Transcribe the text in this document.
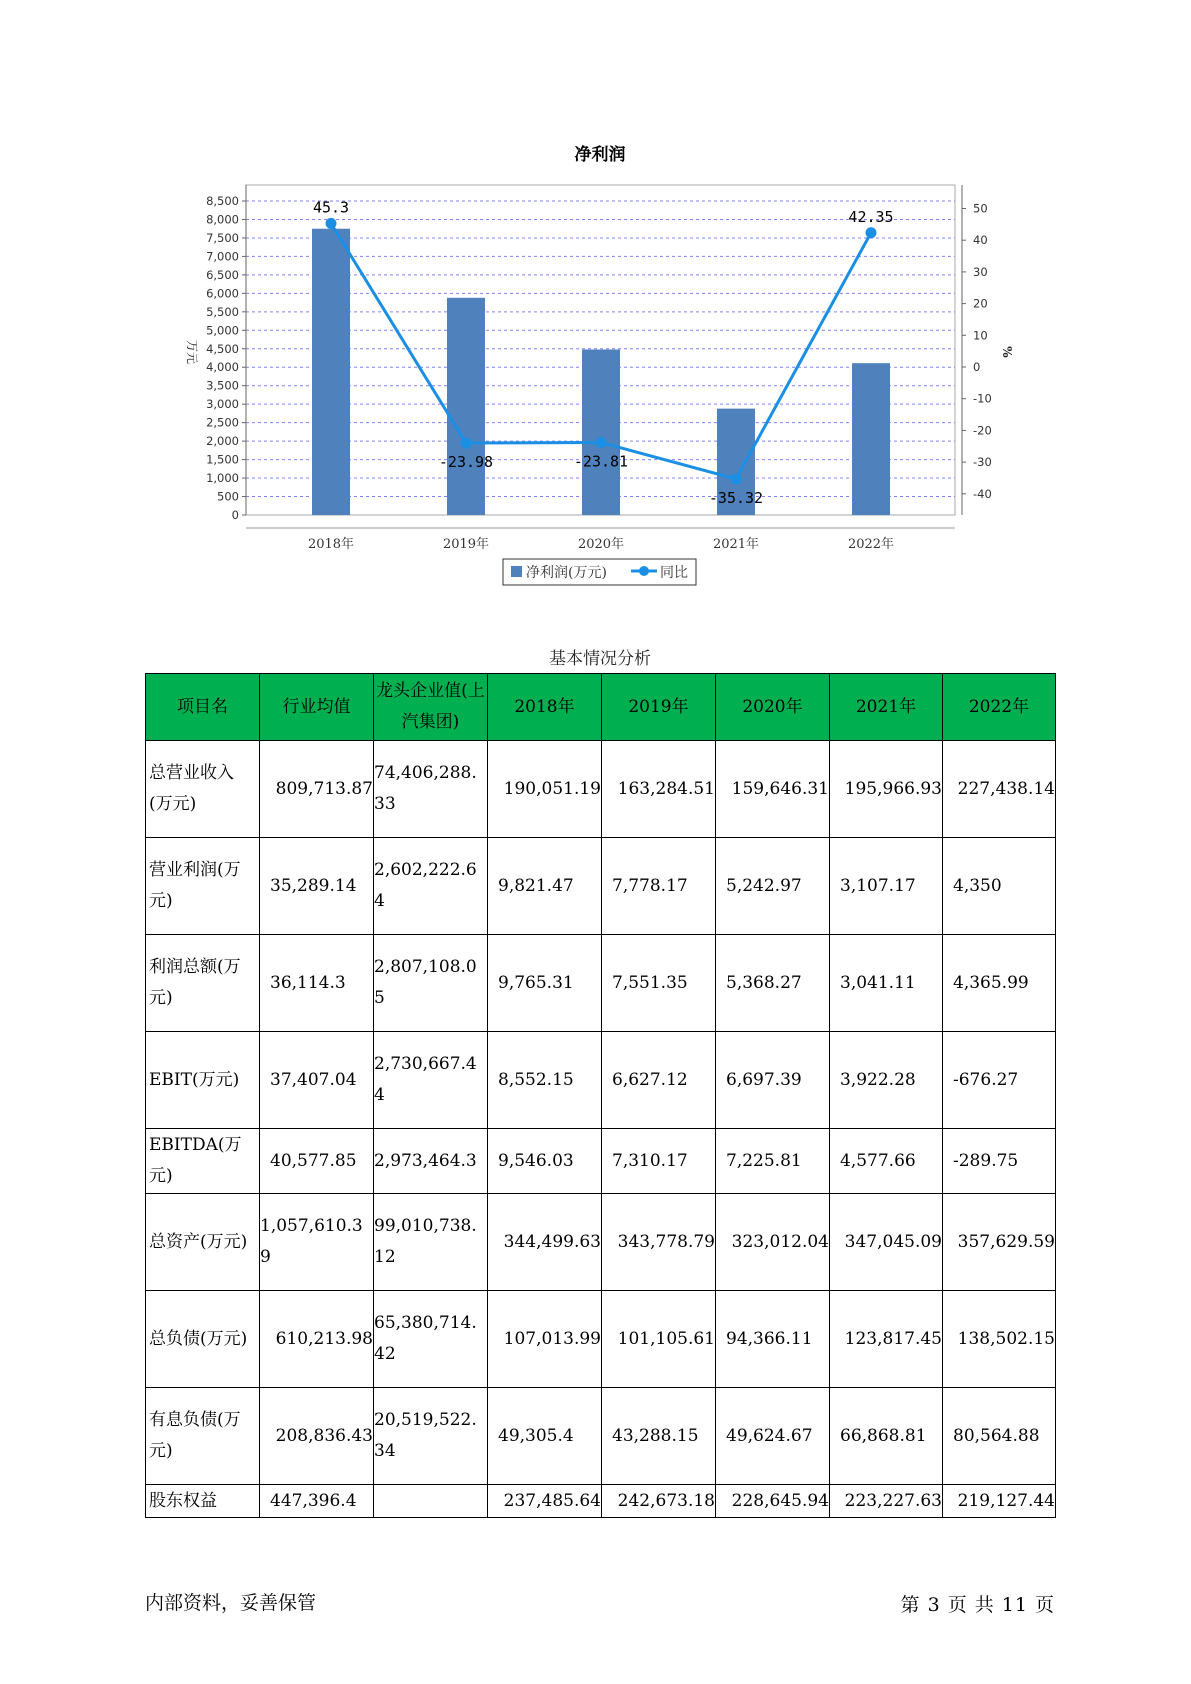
净利润
0
500
1,000
1,500
2,000
2,500
3,000
3,500
4,000
4,500
5,000
5,500
6,000
6,500
7,000
7,500
8,000
8,500
50
40
30
20
10
0
-10
-20
-30
-40
45.3
-23.98	-23.81
-35.32
42.35
2018年	2019年	2020年	2021年	2022年
万元	%
净利润(万元)	同比
基本情况分析
项目名	行业均值	龙头企业值(上汽集团)	2018年	2019年	2020年	2021年	2022年
总营业收入(万元)	809,713.87	74,406,288.33	190,051.19	163,284.51	159,646.31	195,966.93	227,438.14
营业利润(万元)	35,289.14	2,602,222.64	9,821.47	7,778.17	5,242.97	3,107.17	4,350
利润总额(万元)	36,114.3	2,807,108.05	9,765.31	7,551.35	5,368.27	3,041.11	4,365.99
EBIT(万元)	37,407.04	2,730,667.44	8,552.15	6,627.12	6,697.39	3,922.28	-676.27
EBITDA(万元)	40,577.85	2,973,464.3	9,546.03	7,310.17	7,225.81	4,577.66	-289.75
总资产(万元)	1,057,610.39	99,010,738.12	344,499.63	343,778.79	323,012.04	347,045.09	357,629.59
总负债(万元)	610,213.98	65,380,714.42	107,013.99	101,105.61	94,366.11	123,817.45	138,502.15
有息负债(万元)	208,836.43	20,519,522.34	49,305.4	43,288.15	49,624.67	66,868.81	80,564.88
股东权益	447,396.4		237,485.64	242,673.18	228,645.94	223,227.63	219,127.44
内部资料，妥善保管	第 3 页 共 11 页
